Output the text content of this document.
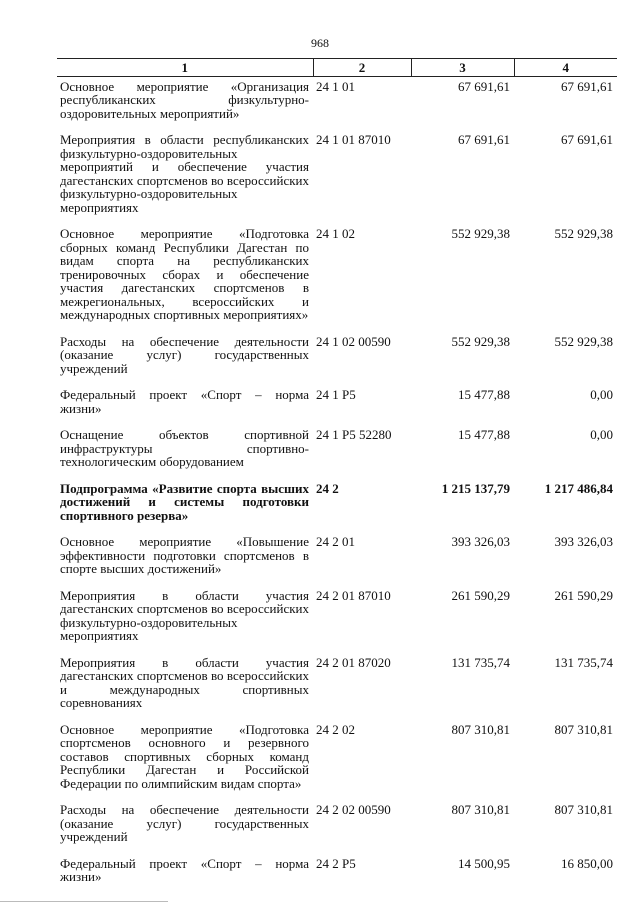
968
1	2	3	4
Основное мероприятие «Организация республиканских физкультурно-оздоровительных мероприятий»	24 1 01	67 691,61	67 691,61
Мероприятия в области республиканских физкультурно-оздоровительных мероприятий и обеспечение участия дагестанских спортсменов во всероссийских физкультурно-оздоровительных мероприятиях	24 1 01 87010	67 691,61	67 691,61
Основное мероприятие «Подготовка сборных команд Республики Дагестан по видам спорта на республиканских тренировочных сборах и обеспечение участия дагестанских спортсменов в межрегиональных, всероссийских и международных спортивных мероприятиях»	24 1 02	552 929,38	552 929,38
Расходы на обеспечение деятельности (оказание услуг) государственных учреждений	24 1 02 00590	552 929,38	552 929,38
Федеральный проект «Спорт – норма жизни»	24 1 P5	15 477,88	0,00
Оснащение объектов спортивной инфраструктуры спортивно-технологическим оборудованием	24 1 P5 52280	15 477,88	0,00
Подпрограмма «Развитие спорта высших достижений и системы подготовки спортивного резерва»	24 2	1 215 137,79	1 217 486,84
Основное мероприятие «Повышение эффективности подготовки спортсменов в спорте высших достижений»	24 2 01	393 326,03	393 326,03
Мероприятия в области участия дагестанских спортсменов во всероссийских физкультурно-оздоровительных мероприятиях	24 2 01 87010	261 590,29	261 590,29
Мероприятия в области участия дагестанских спортсменов во всероссийских и международных спортивных соревнованиях	24 2 01 87020	131 735,74	131 735,74
Основное мероприятие «Подготовка спортсменов основного и резервного составов спортивных сборных команд Республики Дагестан и Российской Федерации по олимпийским видам спорта»	24 2 02	807 310,81	807 310,81
Расходы на обеспечение деятельности (оказание услуг) государственных учреждений	24 2 02 00590	807 310,81	807 310,81
Федеральный проект «Спорт – норма жизни»	24 2 P5	14 500,95	16 850,00
